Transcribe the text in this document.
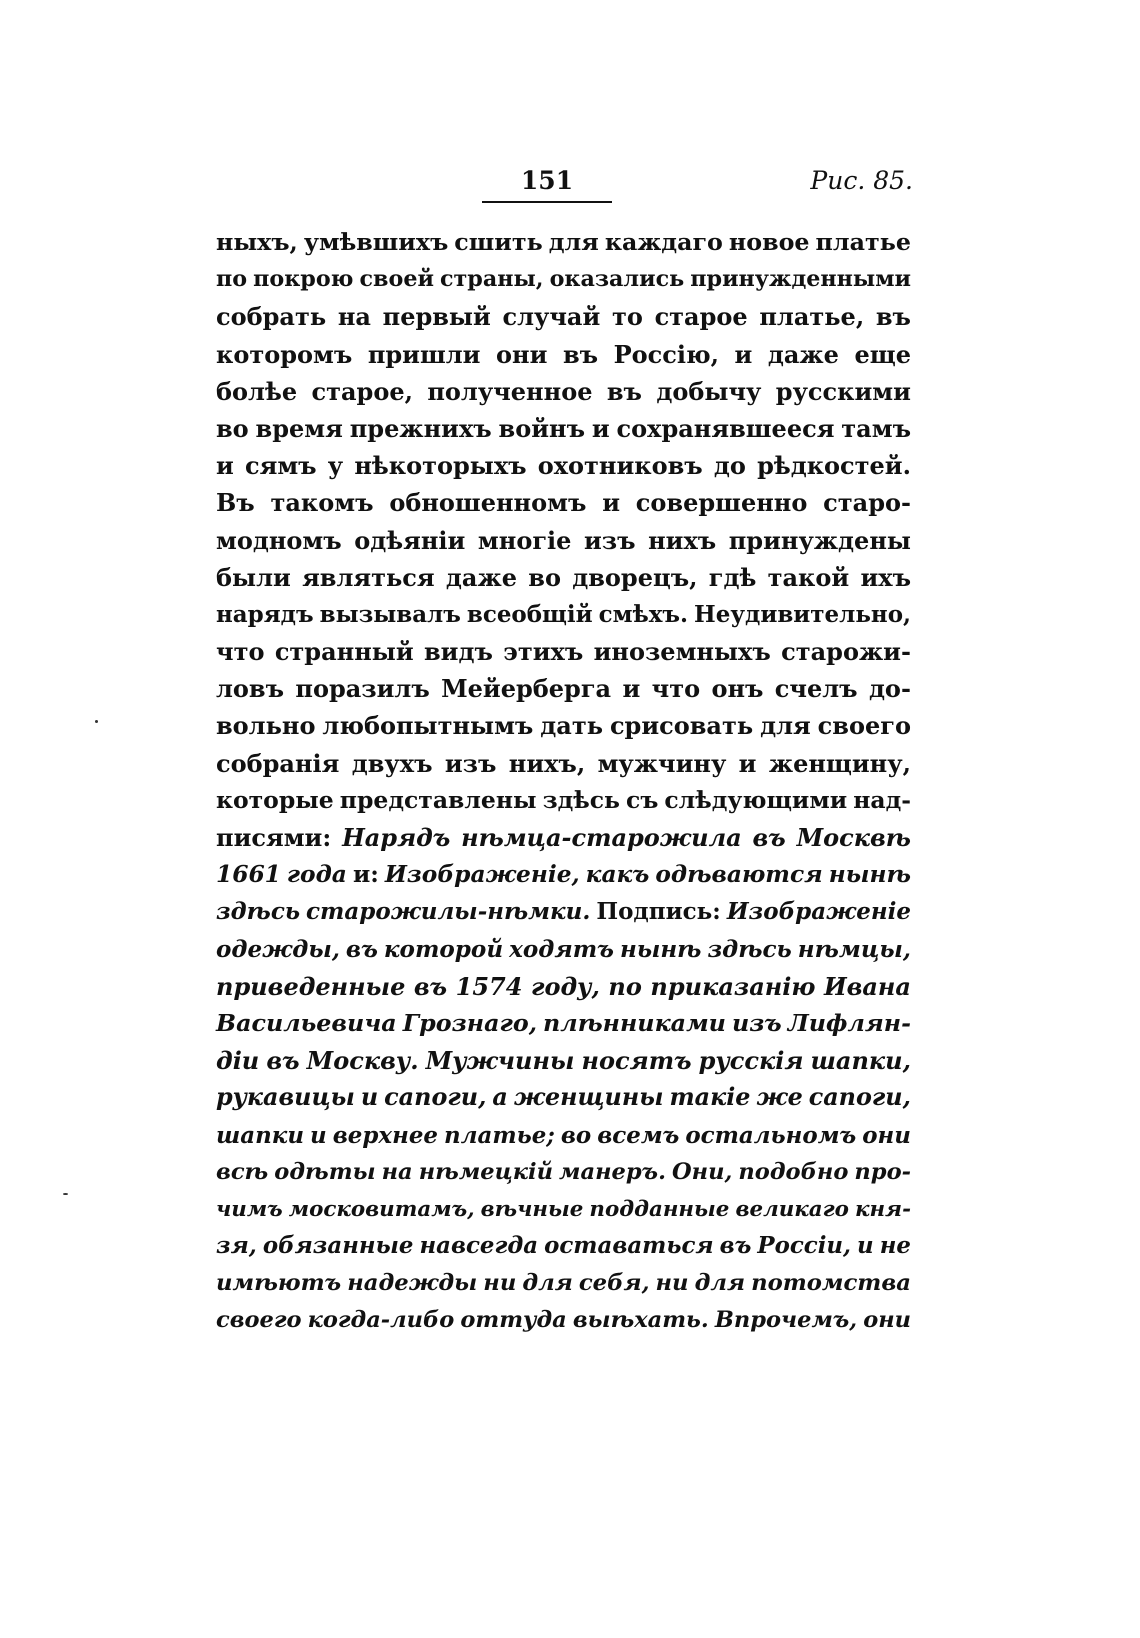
151	Рис. 85.
ныхъ, умѣвшихъ сшить для каждаго новое платье
по покрою своей страны, оказались принужденными
собрать на первый случай то старое платье, въ
которомъ пришли они въ Россію, и даже еще
болѣе старое, полученное въ добычу русскими
во время прежнихъ войнъ и сохранявшееся тамъ
и сямъ у нѣкоторыхъ охотниковъ до рѣдкостей.
Въ такомъ обношенномъ и совершенно старо-
модномъ одѣяніи многіе изъ нихъ принуждены
были являться даже во дворецъ, гдѣ такой ихъ
нарядъ вызывалъ всеобщій смѣхъ. Неудивительно,
что странный видъ этихъ иноземныхъ старожи-
ловъ поразилъ Мейерберга и что онъ счелъ до-
вольно любопытнымъ дать срисовать для своего
собранія двухъ изъ нихъ, мужчину и женщину,
которые представлены здѣсь съ слѣдующими над-
писями: Нарядъ нѣмца-старожила въ Москвѣ
1661 года и: Изображеніе, какъ одѣваются нынѣ
здѣсь старожилы-нѣмки. Подпись: Изображеніе
одежды, въ которой ходятъ нынѣ здѣсь нѣмцы,
приведенные въ 1574 году, по приказанію Ивана
Васильевича Грознаго, плѣнниками изъ Лифлян-
діи въ Москву. Мужчины носятъ русскія шапки,
рукавицы и сапоги, а женщины такіе же сапоги,
шапки и верхнее платье; во всемъ остальномъ они
всѣ одѣты на нѣмецкій манеръ. Они, подобно про-
чимъ московитамъ, вѣчные подданные великаго кня-
зя, обязанные навсегда оставаться въ Россіи, и не
имѣютъ надежды ни для себя, ни для потомства
своего когда-либо оттуда выѣхать. Впрочемъ, они
